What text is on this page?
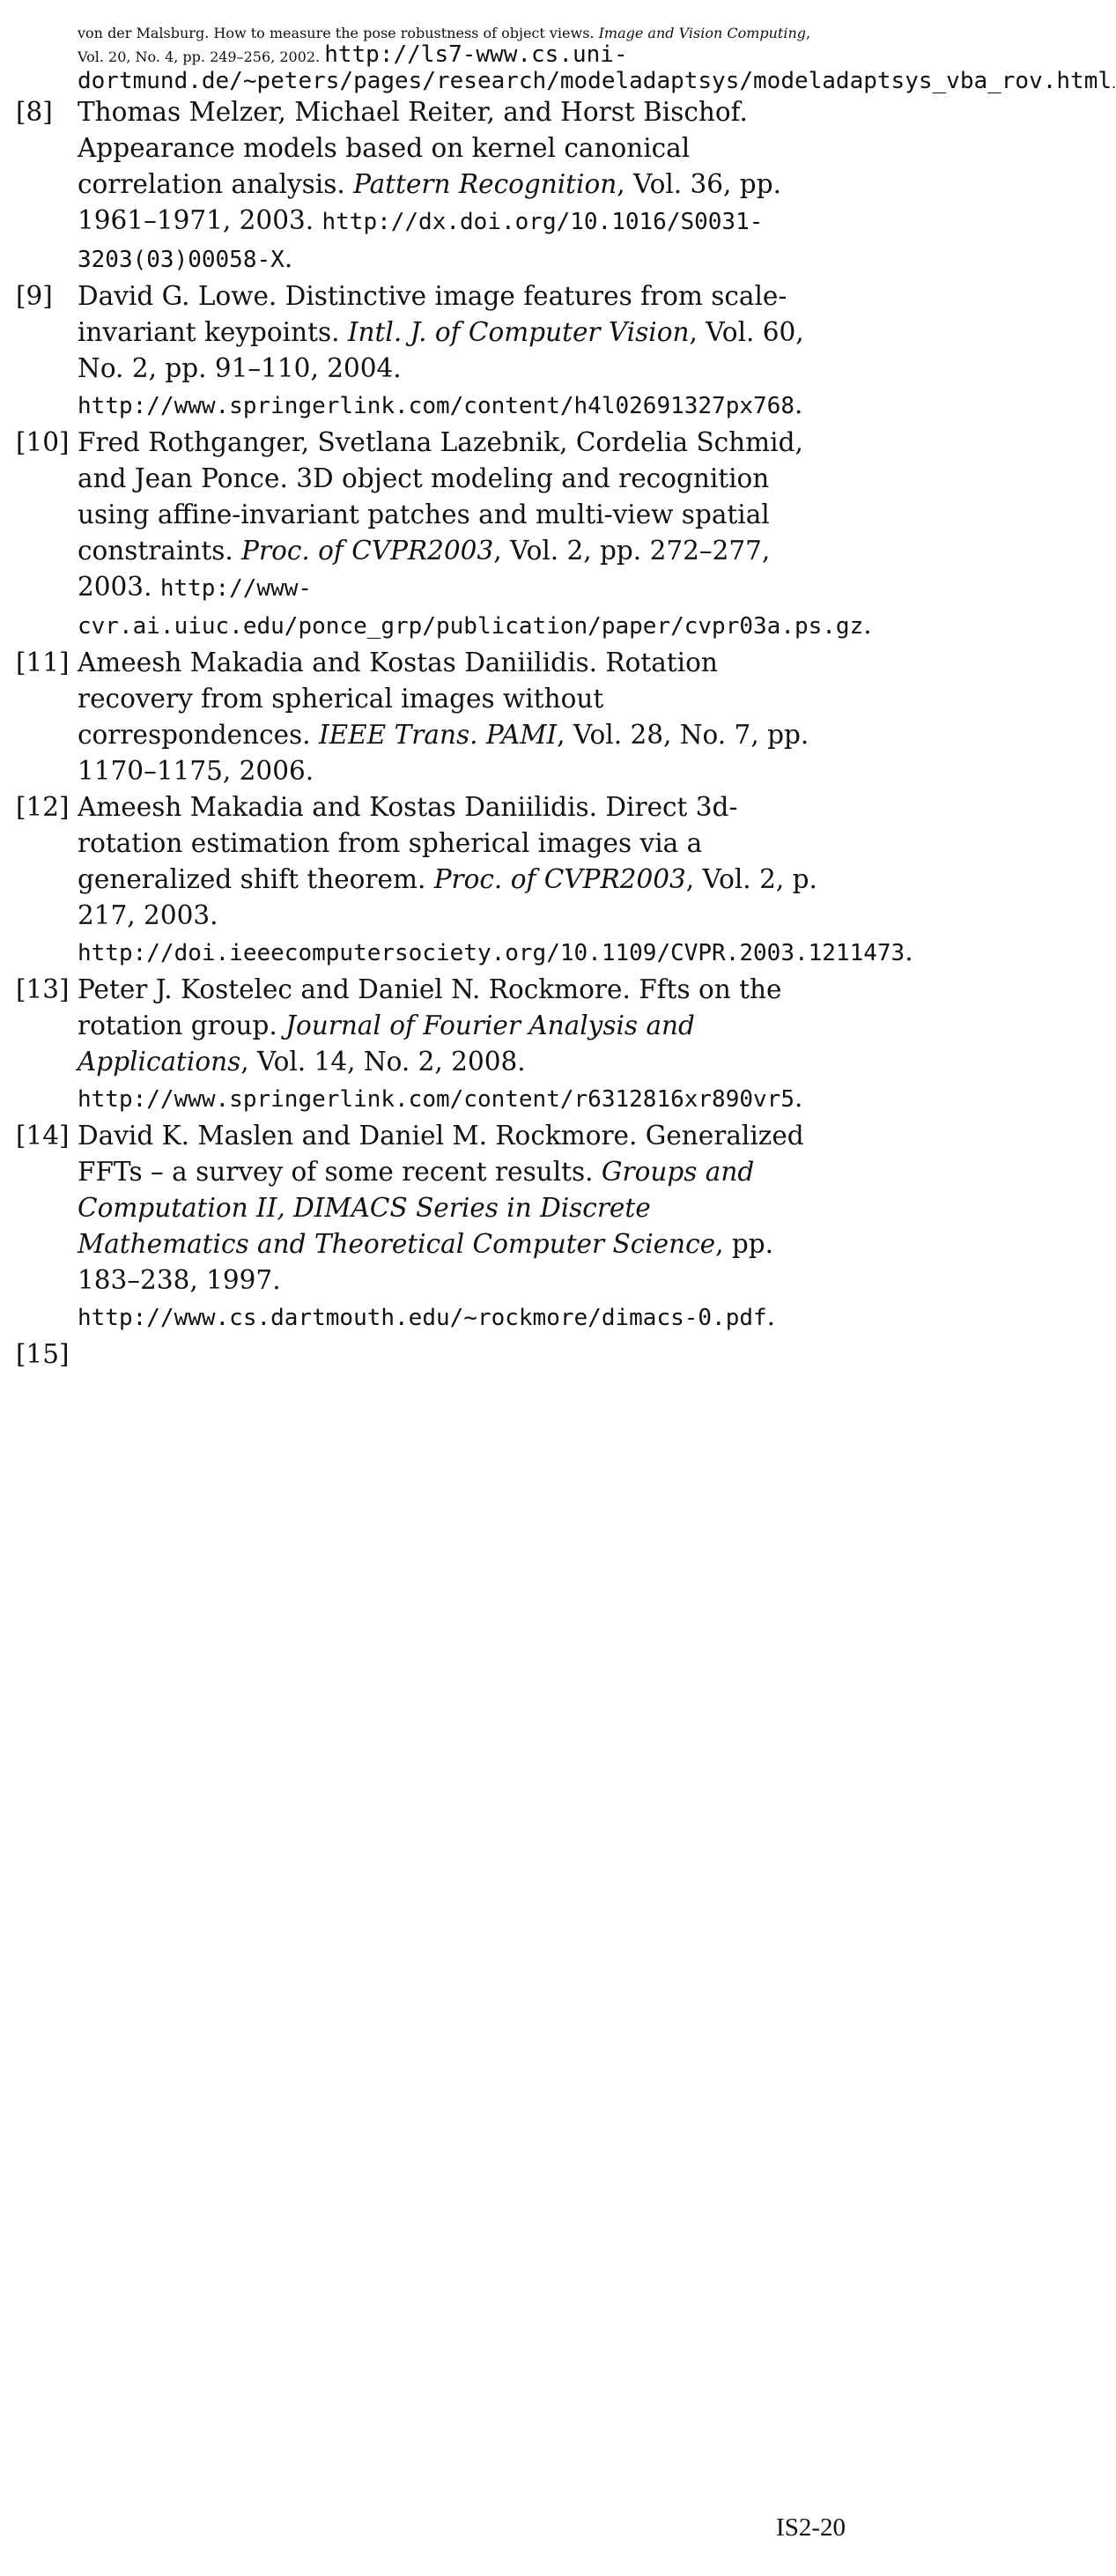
von der Malsburg. How to measure the pose robustness of object views. Image and Vision Computing, Vol. 20, No. 4, pp. 249–256, 2002. http://ls7-www.cs.uni-dortmund.de/~peters/pages/research/modeladaptsys/modeladaptsys_vba_rov.html.
[8] Thomas Melzer, Michael Reiter, and Horst Bischof. Appearance models based on kernel canonical correlation analysis. Pattern Recognition, Vol. 36, pp. 1961–1971, 2003. http://dx.doi.org/10.1016/S0031-3203(03)00058-X.
[9] David G. Lowe. Distinctive image features from scale-invariant keypoints. Intl. J. of Computer Vision, Vol. 60, No. 2, pp. 91–110, 2004. http://www.springerlink.com/content/h4l02691327px768.
[10] Fred Rothganger, Svetlana Lazebnik, Cordelia Schmid, and Jean Ponce. 3D object modeling and recognition using affine-invariant patches and multi-view spatial constraints. Proc. of CVPR2003, Vol. 2, pp. 272–277, 2003. http://www-cvr.ai.uiuc.edu/ponce_grp/publication/paper/cvpr03a.ps.gz.
[11] Ameesh Makadia and Kostas Daniilidis. Rotation recovery from spherical images without correspondences. IEEE Trans. PAMI, Vol. 28, No. 7, pp. 1170–1175, 2006.
[12] Ameesh Makadia and Kostas Daniilidis. Direct 3d-rotation estimation from spherical images via a generalized shift theorem. Proc. of CVPR2003, Vol. 2, p. 217, 2003. http://doi.ieeecomputersociety.org/10.1109/CVPR.2003.1211473.
[13] Peter J. Kostelec and Daniel N. Rockmore. Ffts on the rotation group. Journal of Fourier Analysis and Applications, Vol. 14, No. 2, 2008. http://www.springerlink.com/content/r6312816xr890vr5.
[14] David K. Maslen and Daniel M. Rockmore. Generalized FFTs – a survey of some recent results. Groups and Computation II, DIMACS Series in Discrete Mathematics and Theoretical Computer Science, pp. 183–238, 1997. http://www.cs.dartmouth.edu/~rockmore/dimacs-0.pdf.
[15]

IS2-20
